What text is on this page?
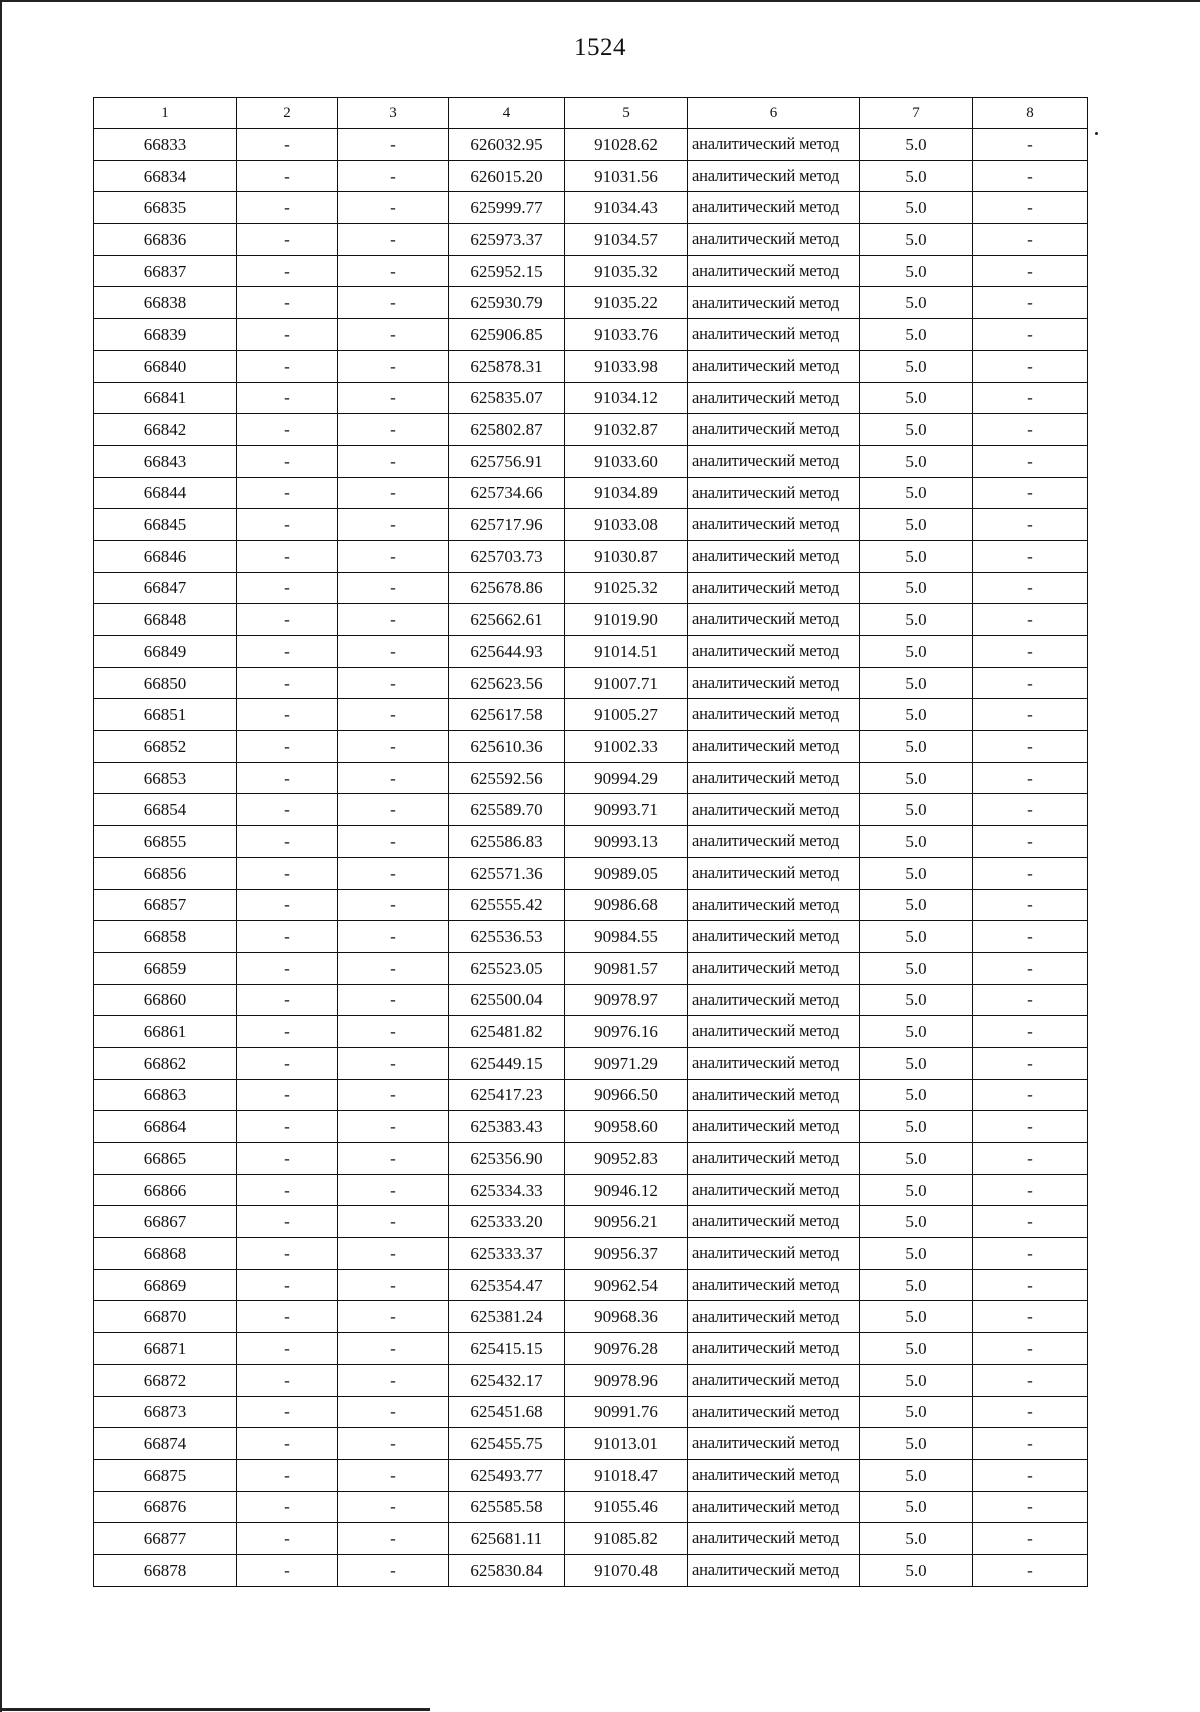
1524
1	2	3	4	5	6	7	8
66833	-	-	626032.95	91028.62	аналитический метод	5.0	-
66834	-	-	626015.20	91031.56	аналитический метод	5.0	-
66835	-	-	625999.77	91034.43	аналитический метод	5.0	-
66836	-	-	625973.37	91034.57	аналитический метод	5.0	-
66837	-	-	625952.15	91035.32	аналитический метод	5.0	-
66838	-	-	625930.79	91035.22	аналитический метод	5.0	-
66839	-	-	625906.85	91033.76	аналитический метод	5.0	-
66840	-	-	625878.31	91033.98	аналитический метод	5.0	-
66841	-	-	625835.07	91034.12	аналитический метод	5.0	-
66842	-	-	625802.87	91032.87	аналитический метод	5.0	-
66843	-	-	625756.91	91033.60	аналитический метод	5.0	-
66844	-	-	625734.66	91034.89	аналитический метод	5.0	-
66845	-	-	625717.96	91033.08	аналитический метод	5.0	-
66846	-	-	625703.73	91030.87	аналитический метод	5.0	-
66847	-	-	625678.86	91025.32	аналитический метод	5.0	-
66848	-	-	625662.61	91019.90	аналитический метод	5.0	-
66849	-	-	625644.93	91014.51	аналитический метод	5.0	-
66850	-	-	625623.56	91007.71	аналитический метод	5.0	-
66851	-	-	625617.58	91005.27	аналитический метод	5.0	-
66852	-	-	625610.36	91002.33	аналитический метод	5.0	-
66853	-	-	625592.56	90994.29	аналитический метод	5.0	-
66854	-	-	625589.70	90993.71	аналитический метод	5.0	-
66855	-	-	625586.83	90993.13	аналитический метод	5.0	-
66856	-	-	625571.36	90989.05	аналитический метод	5.0	-
66857	-	-	625555.42	90986.68	аналитический метод	5.0	-
66858	-	-	625536.53	90984.55	аналитический метод	5.0	-
66859	-	-	625523.05	90981.57	аналитический метод	5.0	-
66860	-	-	625500.04	90978.97	аналитический метод	5.0	-
66861	-	-	625481.82	90976.16	аналитический метод	5.0	-
66862	-	-	625449.15	90971.29	аналитический метод	5.0	-
66863	-	-	625417.23	90966.50	аналитический метод	5.0	-
66864	-	-	625383.43	90958.60	аналитический метод	5.0	-
66865	-	-	625356.90	90952.83	аналитический метод	5.0	-
66866	-	-	625334.33	90946.12	аналитический метод	5.0	-
66867	-	-	625333.20	90956.21	аналитический метод	5.0	-
66868	-	-	625333.37	90956.37	аналитический метод	5.0	-
66869	-	-	625354.47	90962.54	аналитический метод	5.0	-
66870	-	-	625381.24	90968.36	аналитический метод	5.0	-
66871	-	-	625415.15	90976.28	аналитический метод	5.0	-
66872	-	-	625432.17	90978.96	аналитический метод	5.0	-
66873	-	-	625451.68	90991.76	аналитический метод	5.0	-
66874	-	-	625455.75	91013.01	аналитический метод	5.0	-
66875	-	-	625493.77	91018.47	аналитический метод	5.0	-
66876	-	-	625585.58	91055.46	аналитический метод	5.0	-
66877	-	-	625681.11	91085.82	аналитический метод	5.0	-
66878	-	-	625830.84	91070.48	аналитический метод	5.0	-
